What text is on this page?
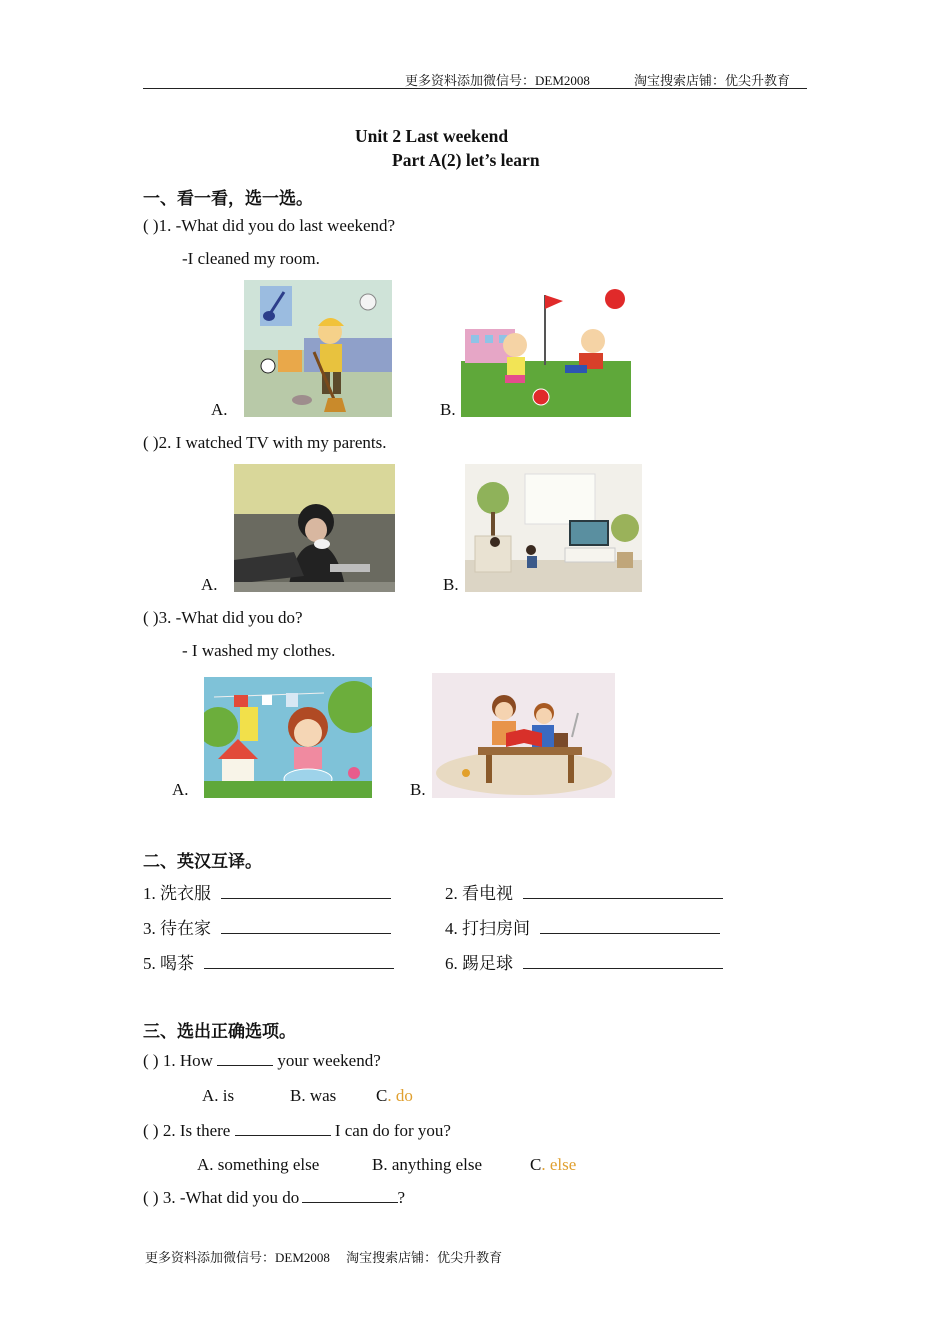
更多资料添加微信号：DEM2008	淘宝搜索店铺：优尖升教育
Unit 2 Last weekend
Part A(2) let’s learn
一、看一看，选一选。
( )1. -What did you do last weekend?
-I cleaned my room.
A.	B.
( )2. I watched TV with my parents.
A.	B.
( )3. -What did you do?
- I washed my clothes.
A.	B.
二、英汉互译。
1. 洗衣服	2. 看电视
3. 待在家	4. 打扫房间
5. 喝茶	6. 踢足球
三、选出正确选项。
( ) 1. How	your weekend?
A. is	B. was C. do
( ) 2. Is there	I can do for you?
A. something else	B. anything else	C. else
( ) 3. -What did you do	?
更多资料添加微信号：DEM2008     淘宝搜索店铺：优尖升教育
